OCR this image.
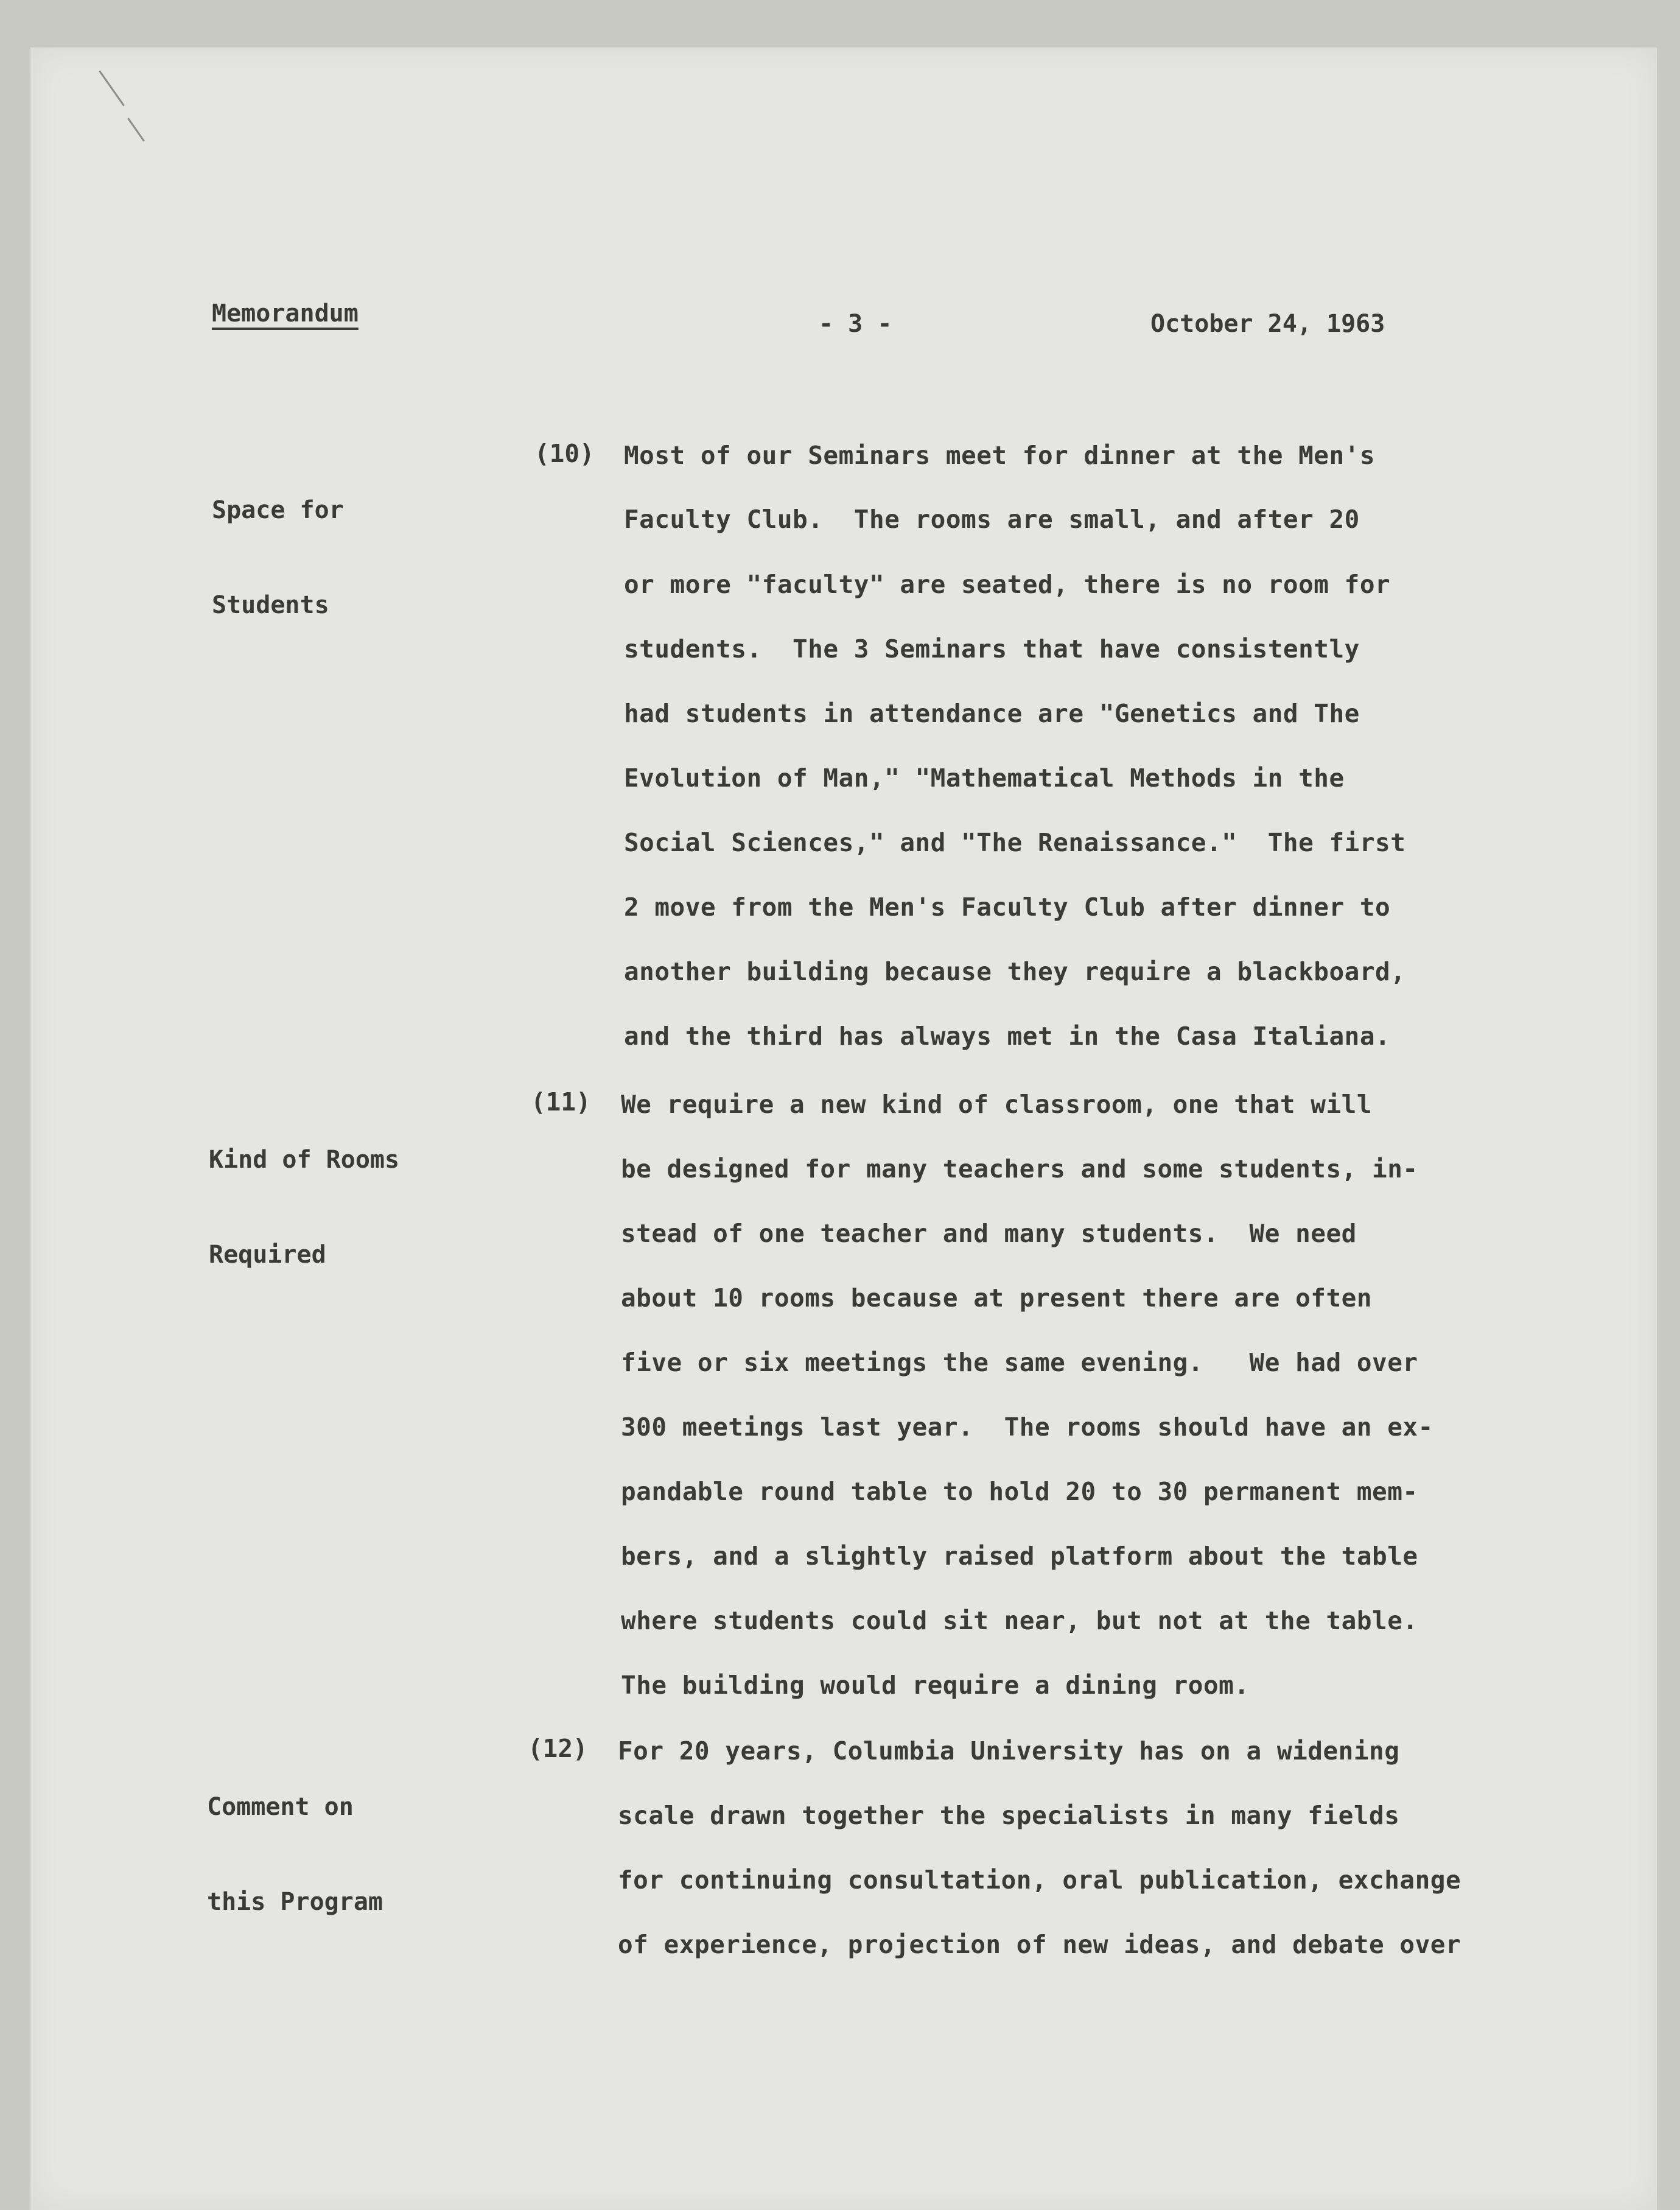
Memorandum	- 3 -	October 24, 1963

Space for

Students

(10) Most of our Seminars meet for dinner at the Men's
Faculty Club.  The rooms are small, and after 20
or more "faculty" are seated, there is no room for
students.  The 3 Seminars that have consistently
had students in attendance are "Genetics and The
Evolution of Man," "Mathematical Methods in the
Social Sciences," and "The Renaissance."  The first
2 move from the Men's Faculty Club after dinner to
another building because they require a blackboard,
and the third has always met in the Casa Italiana.

Kind of Rooms

Required

(11) We require a new kind of classroom, one that will
be designed for many teachers and some students, in-
stead of one teacher and many students.  We need
about 10 rooms because at present there are often
five or six meetings the same evening.   We had over
300 meetings last year.  The rooms should have an ex-
pandable round table to hold 20 to 30 permanent mem-
bers, and a slightly raised platform about the table
where students could sit near, but not at the table.
The building would require a dining room.

Comment on

this Program

(12) For 20 years, Columbia University has on a widening
scale drawn together the specialists in many fields
for continuing consultation, oral publication, exchange
of experience, projection of new ideas, and debate over
